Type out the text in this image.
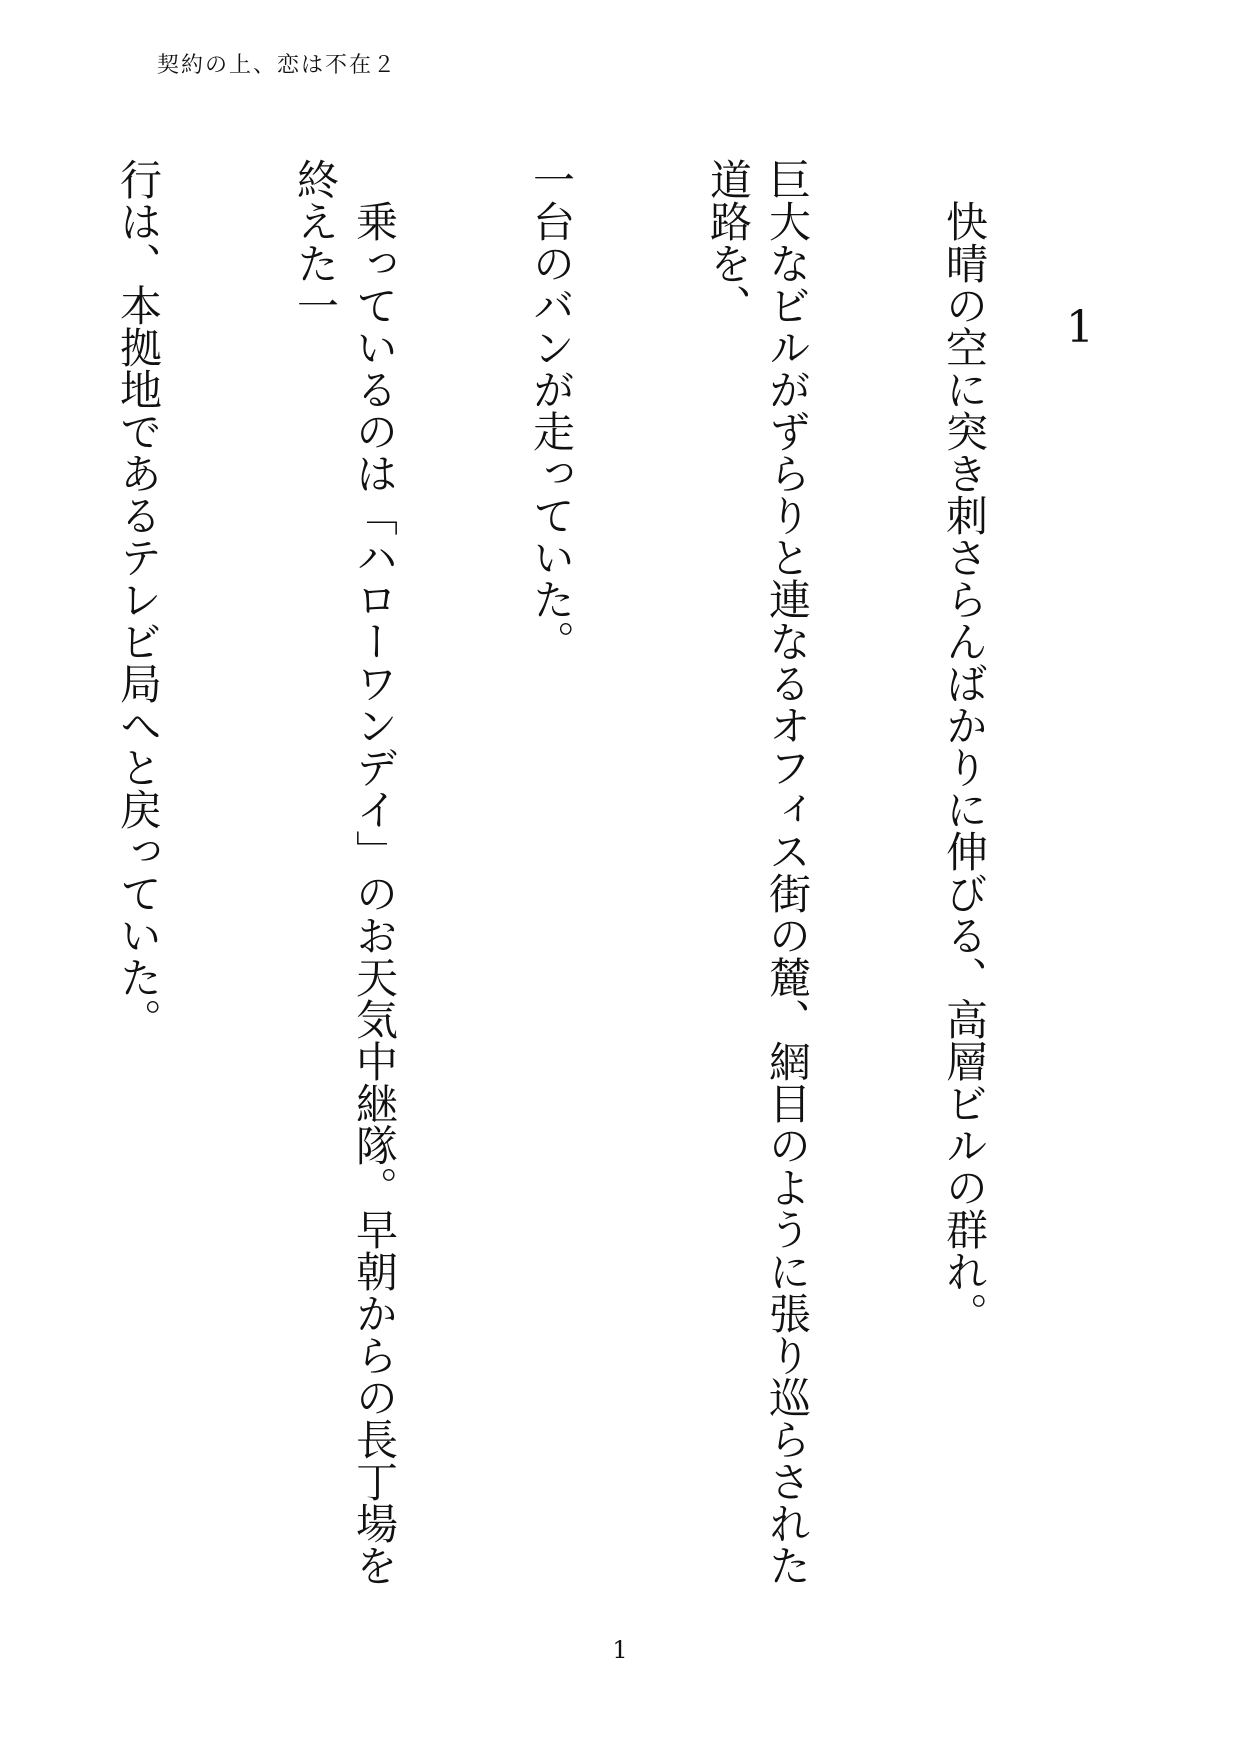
契約の上、恋は不在２
1

　快晴の空に突き刺さらんばかりに伸びる、高層ビルの群れ。

巨大なビルがずらりと連なるオフィス街の麓、網目のように張り巡らされた道路を、

一台のバンが走っていた。

　乗っているのは「ハローワンデイ」のお天気中継隊。早朝からの長丁場を終えた一

行は、本拠地であるテレビ局へと戻っていた。

1
